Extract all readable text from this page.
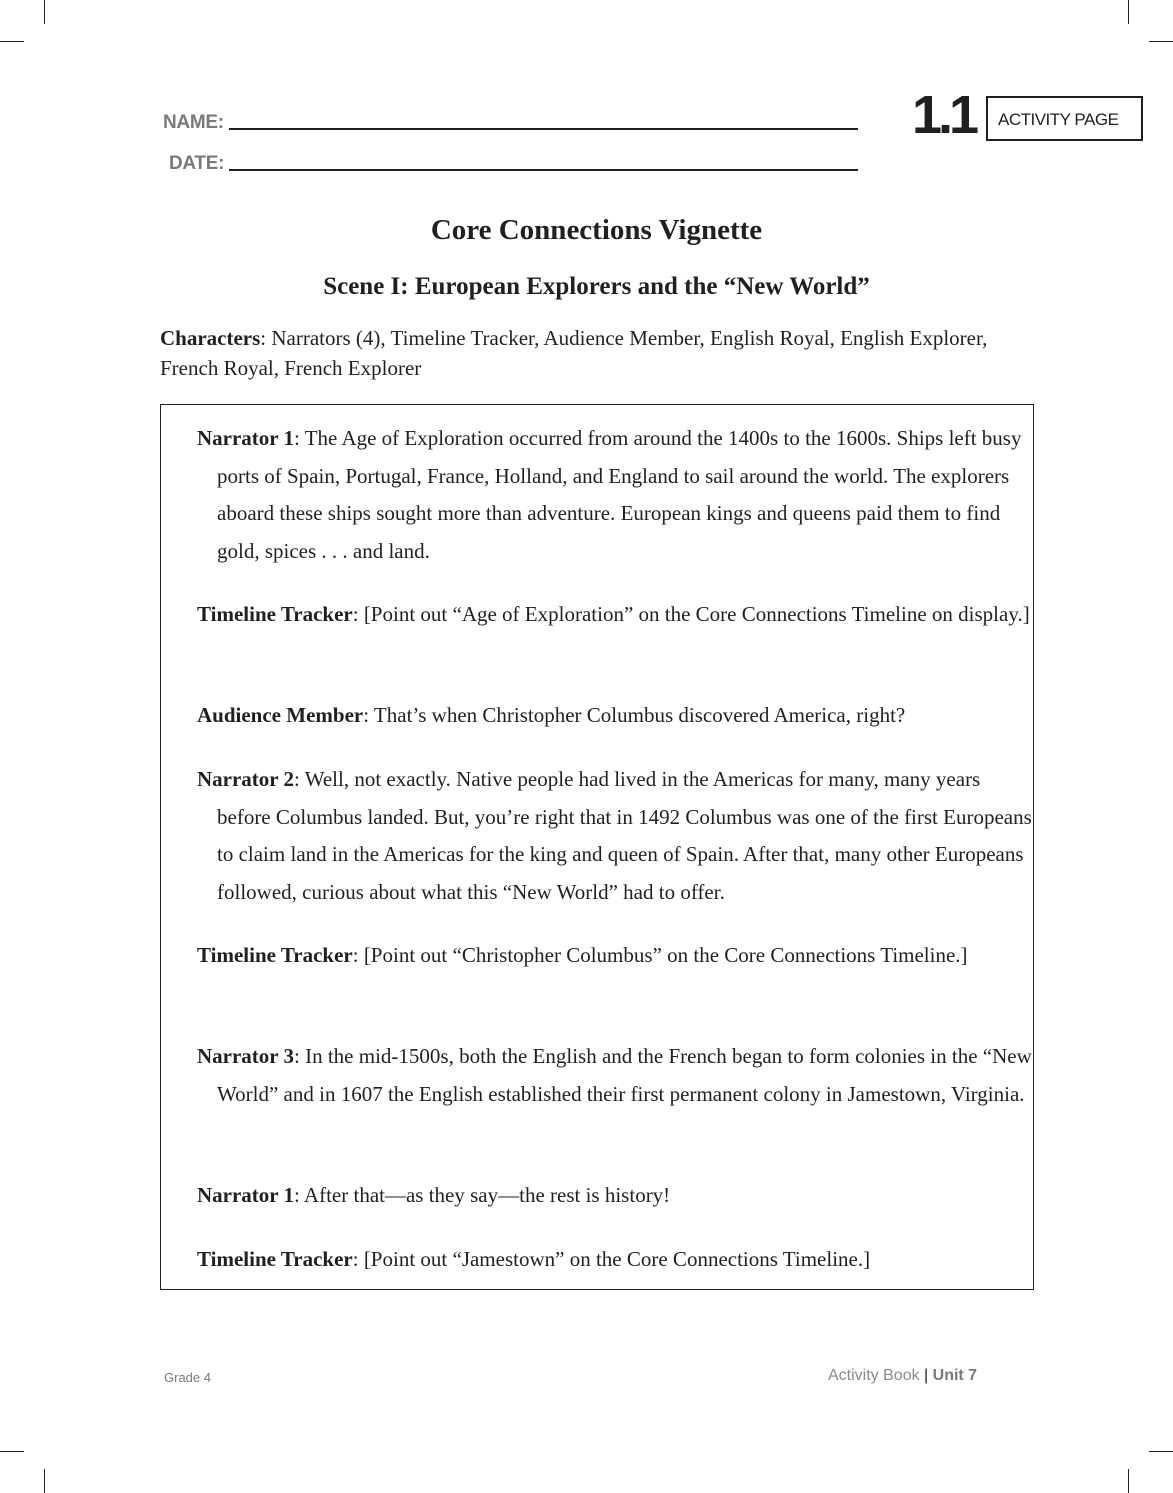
NAME:
DATE:
1.1 ACTIVITY PAGE
Core Connections Vignette
Scene I: European Explorers and the “New World”
Characters: Narrators (4), Timeline Tracker, Audience Member, English Royal, English Explorer, French Royal, French Explorer
Narrator 1: The Age of Exploration occurred from around the 1400s to the 1600s. Ships left busy ports of Spain, Portugal, France, Holland, and England to sail around the world. The explorers aboard these ships sought more than adventure. European kings and queens paid them to find gold, spices . . . and land.
Timeline Tracker: [Point out “Age of Exploration” on the Core Connections Timeline on display.]
Audience Member: That’s when Christopher Columbus discovered America, right?
Narrator 2: Well, not exactly. Native people had lived in the Americas for many, many years before Columbus landed. But, you’re right that in 1492 Columbus was one of the first Europeans to claim land in the Americas for the king and queen of Spain. After that, many other Europeans followed, curious about what this “New World” had to offer.
Timeline Tracker: [Point out “Christopher Columbus” on the Core Connections Timeline.]
Narrator 3: In the mid-1500s, both the English and the French began to form colonies in the “New World” and in 1607 the English established their first permanent colony in Jamestown, Virginia.
Narrator 1: After that—as they say—the rest is history!
Timeline Tracker: [Point out “Jamestown” on the Core Connections Timeline.]
Grade 4	Activity Book | Unit 7
